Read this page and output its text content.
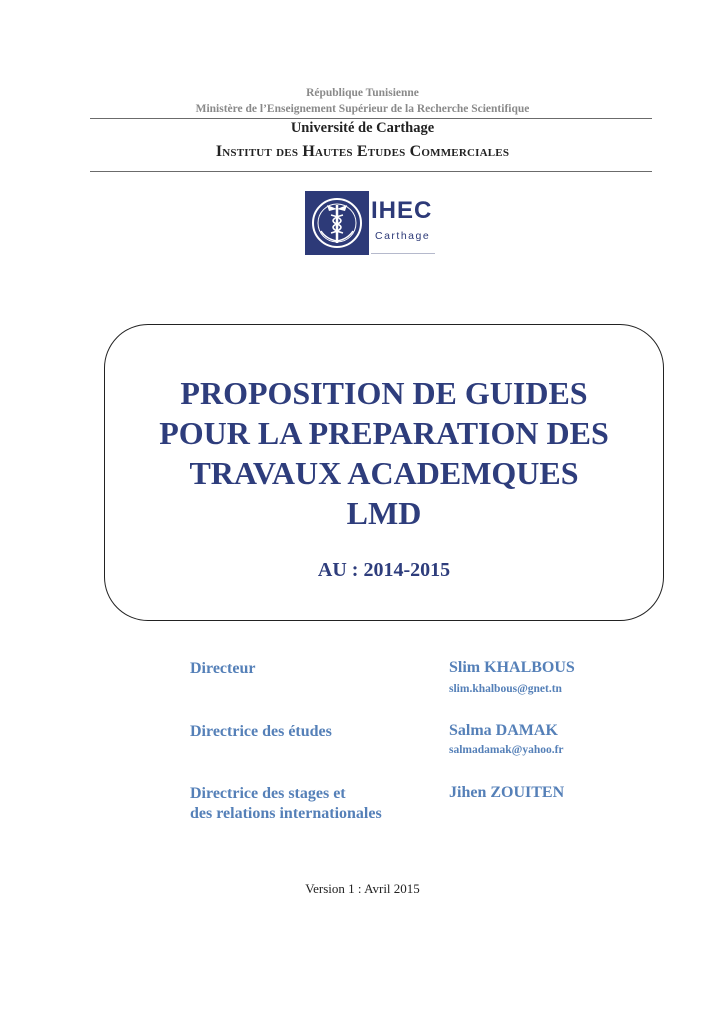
République Tunisienne
Ministère de l’Enseignement Supérieur de la Recherche Scientifique
Université de Carthage
Institut des Hautes Etudes Commerciales
IHEC
Carthage
PROPOSITION DE GUIDES
POUR LA PREPARATION DES
TRAVAUX ACADEMQUES
LMD
AU : 2014-2015
Directeur	Slim KHALBOUS
slim.khalbous@gnet.tn
Directrice des études	Salma DAMAK
salmadamak@yahoo.fr
Directrice des stages et
des relations internationales
Jihen ZOUITEN
Version 1 : Avril 2015
